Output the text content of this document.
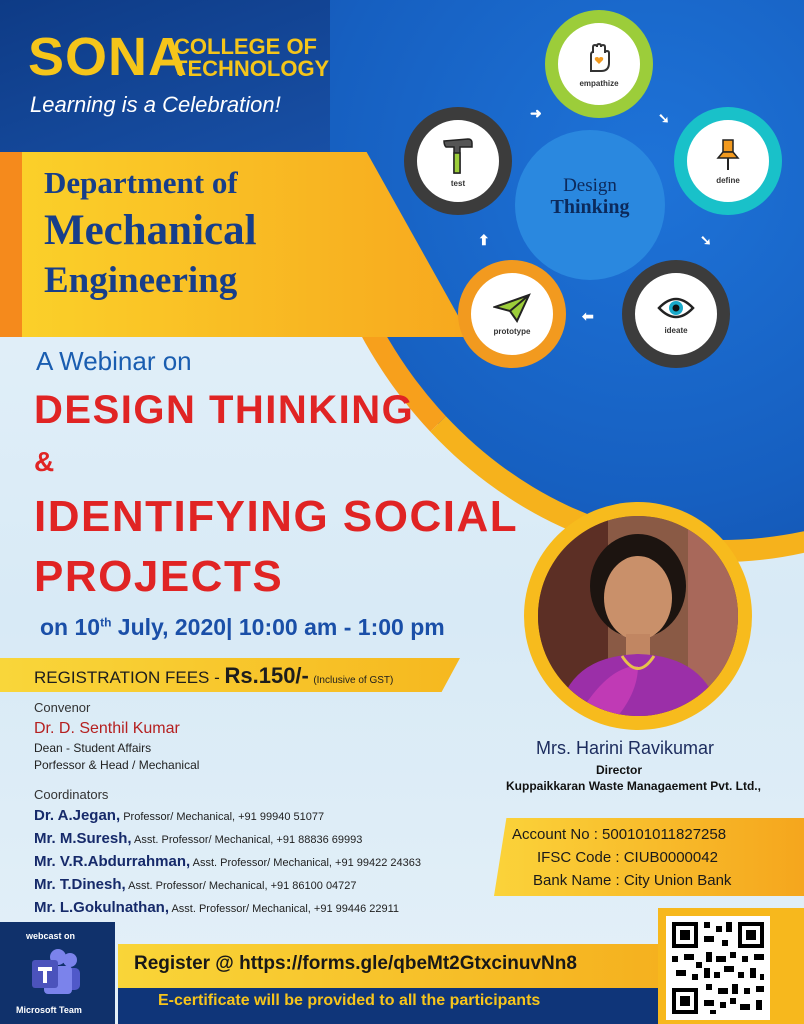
SONA
COLLEGE OF
TECHNOLOGY
Learning is a Celebration!
Department of
Mechanical
Engineering
Design
Thinking
empathize
define
ideate
prototype
test
➜	➘
➘
⬅
⬆
A Webinar on
DESIGN THINKING
&
IDENTIFYING SOCIAL
PROJECTS
on 10th July, 2020| 10:00 am - 1:00 pm
REGISTRATION FEES - Rs.150/- (Inclusive of GST)
Convenor
Dr. D. Senthil Kumar
Dean - Student Affairs
Porfessor & Head / Mechanical
Coordinators
Dr. A.Jegan, Professor/ Mechanical, +91 99940 51077
Mr. M.Suresh, Asst. Professor/ Mechanical, +91 88836 69993
Mr. V.R.Abdurrahman, Asst. Professor/ Mechanical, +91 99422 24363
Mr. T.Dinesh, Asst. Professor/ Mechanical, +91 86100 04727
Mr. L.Gokulnathan, Asst. Professor/ Mechanical, +91 99446 22911
Mrs. Harini Ravikumar
Director
Kuppaikkaran Waste Managaement Pvt. Ltd.,
Account No : 500101011827258
IFSC Code : CIUB0000042
Bank Name : City Union Bank
webcast on
Microsoft Team
Register @ https://forms.gle/qbeMt2GtxcinuvNn8
E-certificate will be provided to all the participants
